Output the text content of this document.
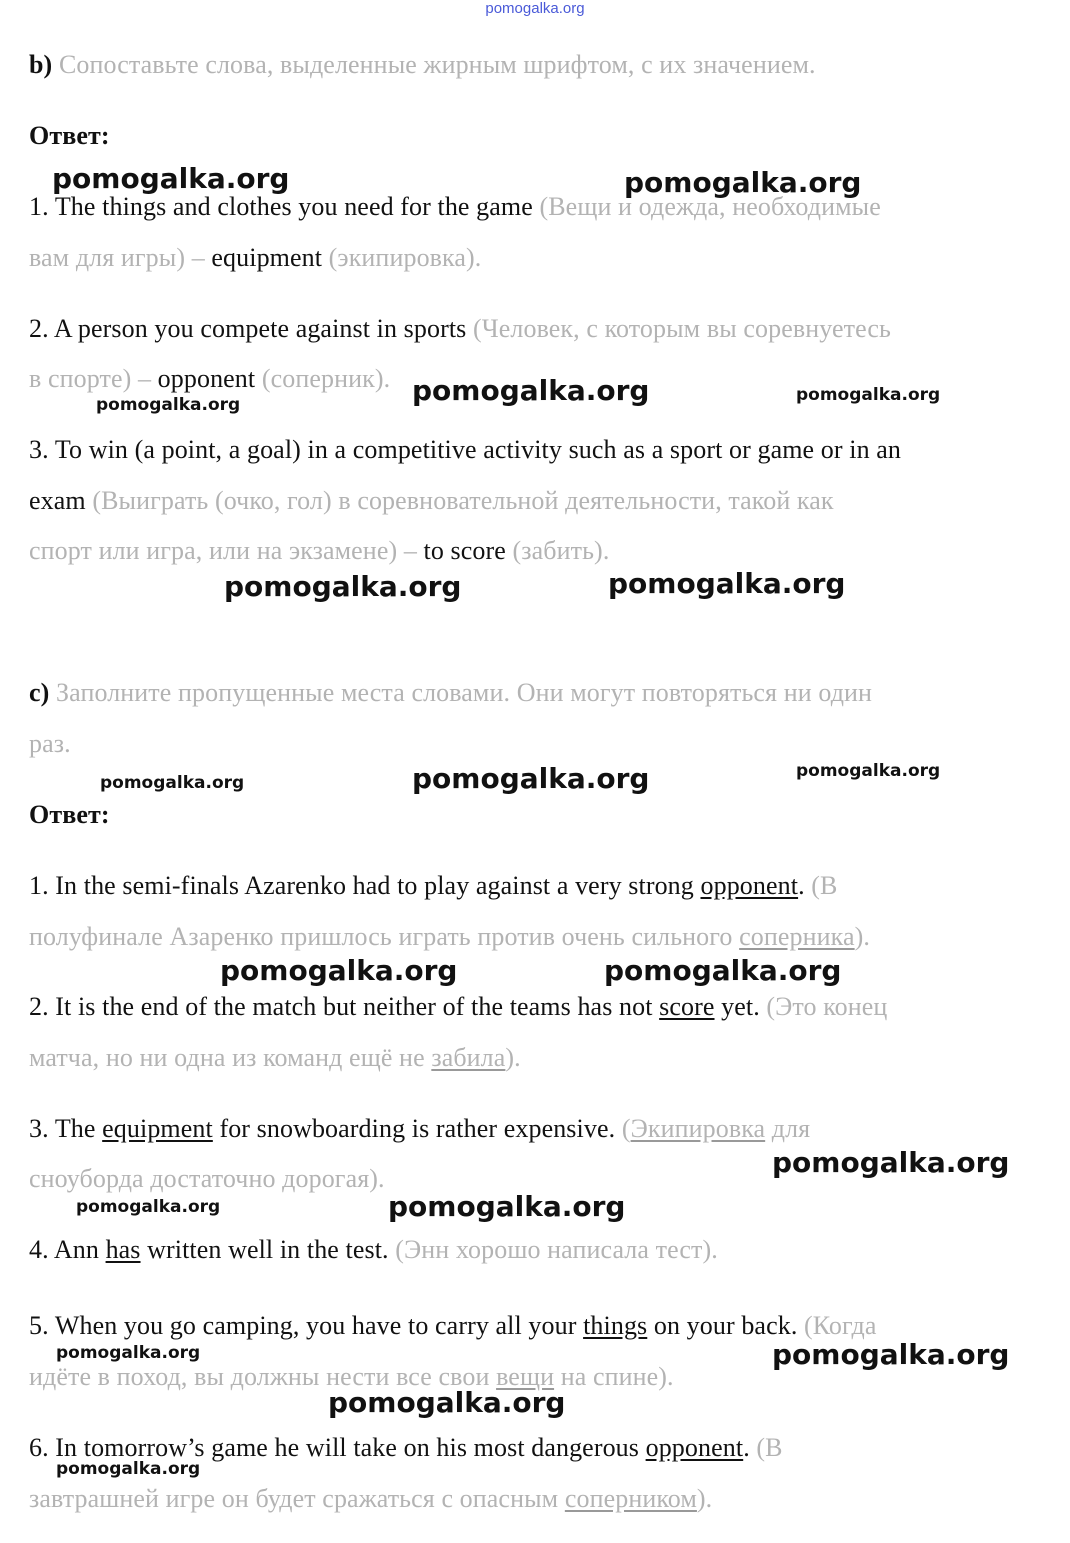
pomogalka.org
b) Сопоставьте слова, выделенные жирным шрифтом, с их значением.
Ответ:
1. The things and clothes you need for the game (Вещи и одежда, необходимые
вам для игры) – equipment (экипировка).
2. A person you compete against in sports (Человек, с которым вы соревнуетесь
в спорте) – opponent (соперник).
3. To win (a point, a goal) in a competitive activity such as a sport or game or in an
exam (Выиграть (очко, гол) в соревновательной деятельности, такой как
спорт или игра, или на экзамене) – to score (забить).
c) Заполните пропущенные места словами. Они могут повторяться ни один
раз.
Ответ:
1. In the semi-finals Azarenko had to play against a very strong opponent. (В
полуфинале Азаренко пришлось играть против очень сильного соперника).
2. It is the end of the match but neither of the teams has not score yet. (Это конец
матча, но ни одна из команд ещё не забила).
3. The equipment for snowboarding is rather expensive. (Экипировка для
сноуборда достаточно дорогая).
4. Ann has written well in the test. (Энн хорошо написала тест).
5. When you go camping, you have to carry all your things on your back. (Когда
идёте в поход, вы должны нести все свои вещи на спине).
6. In tomorrow’s game he will take on his most dangerous opponent. (В
завтрашней игре он будет сражаться с опасным соперником).
pomogalka.org	pomogalka.org
pomogalka.org
pomogalka.org	pomogalka.org
pomogalka.org	pomogalka.org
pomogalka.org	pomogalka.org	pomogalka.org
pomogalka.org	pomogalka.org
pomogalka.org
pomogalka.org	pomogalka.org
pomogalka.org	pomogalka.org
pomogalka.org
pomogalka.org
